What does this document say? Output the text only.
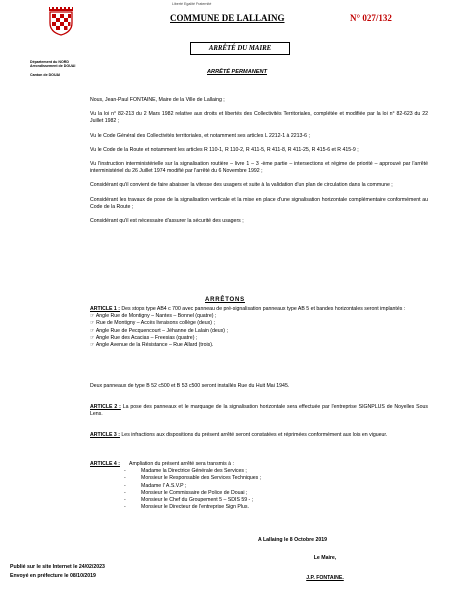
Liberté Egalité Fraternité
COMMUNE DE LALLAING	N° 027/132
Département du NORD
Arrondissement de DOUAI
Canton de DOUAI
ARRÊTÉ DU MAIRE
ARRÊTÉ PERMANENT

Nous, Jean-Paul FONTAINE, Maire de la Ville de Lallaing ;

Vu la loi n° 82-213 du 2 Mars 1982 relative aux droits et libertés des Collectivités Territoriales, complétée et modifiée par la loi n° 82-623 du 22 Juillet 1982 ;

Vu le Code Général des Collectivités territoriales, et notamment ses articles L 2212-1 à 2213-6 ;

Vu le Code de la Route et notamment les articles R 110-1, R 110-2, R 411-5, R 411-8, R 411-25, R 415-6 et R 415-9 ;

Vu l'instruction interministérielle sur la signalisation routière – livre 1 – 3 -ème partie – intersections et régime de priorité – approuvé par l'arrêté interministériel du 26 Juillet 1974 modifié par l'arrêté du 6 Novembre 1992 ;

Considérant qu'il convient de faire abaisser la vitesse des usagers et suite à la validation d'un plan de circulation dans la commune ;

Considérant les travaux de pose de la signalisation verticale et la mise en place d'une signalisation horizontale complémentaire conformément au Code de la Route ;

Considérant qu'il est nécessaire d'assurer la sécurité des usagers ;

ARRÊTONS
ARTICLE 1 : Des stops type AB4 c 700 avec panneau de pré-signalisation panneaux type AB 5 et bandes horizontales seront implantés :
☞ Angle Rue de Montigny – Nantes – Bonnel (quatre) ;
☞ Rue de Montigny – Accès livraisons collège (deux) ;
☞ Angle Rue de Pecquencourt – Jéhanne de Lalain (deux) ;
☞ Angle Rue des Acacias – Freesias (quatre) ;
☞ Angle Avenue de la Résistance – Rue Allard (trois).
Deux panneaux de type B 52 c500 et B 53 c500 seront installés Rue du Huit Mai 1945.
ARTICLE 2 : La pose des panneaux et le marquage de la signalisation horizontale sera effectuée par l'entreprise SIGNPLUS de Noyelles Sous Lens.
ARTICLE 3 : Les infractions aux dispositions du présent arrêté seront constatées et réprimées conformément aux lois en vigueur.
ARTICLE 4 : Ampliation du présent arrêté sera transmis à :
- Madame la Directrice Générale des Services ;
- Monsieur le Responsable des Services Techniques ;
- Madame l' A.S.V.P ;
- Monsieur le Commissaire de Police de Douai ;
- Monsieur le Chef du Groupement 5 – SDIS 59 - ;
- Monsieur le Directeur de l'entreprise Sign Plus.
A Lallaing le 8 Octobre 2019
Le Maire,
J.P. FONTAINE.
Publié sur le site Internet le 24/02/2023
Envoyé en préfecture le 08/10/2019
